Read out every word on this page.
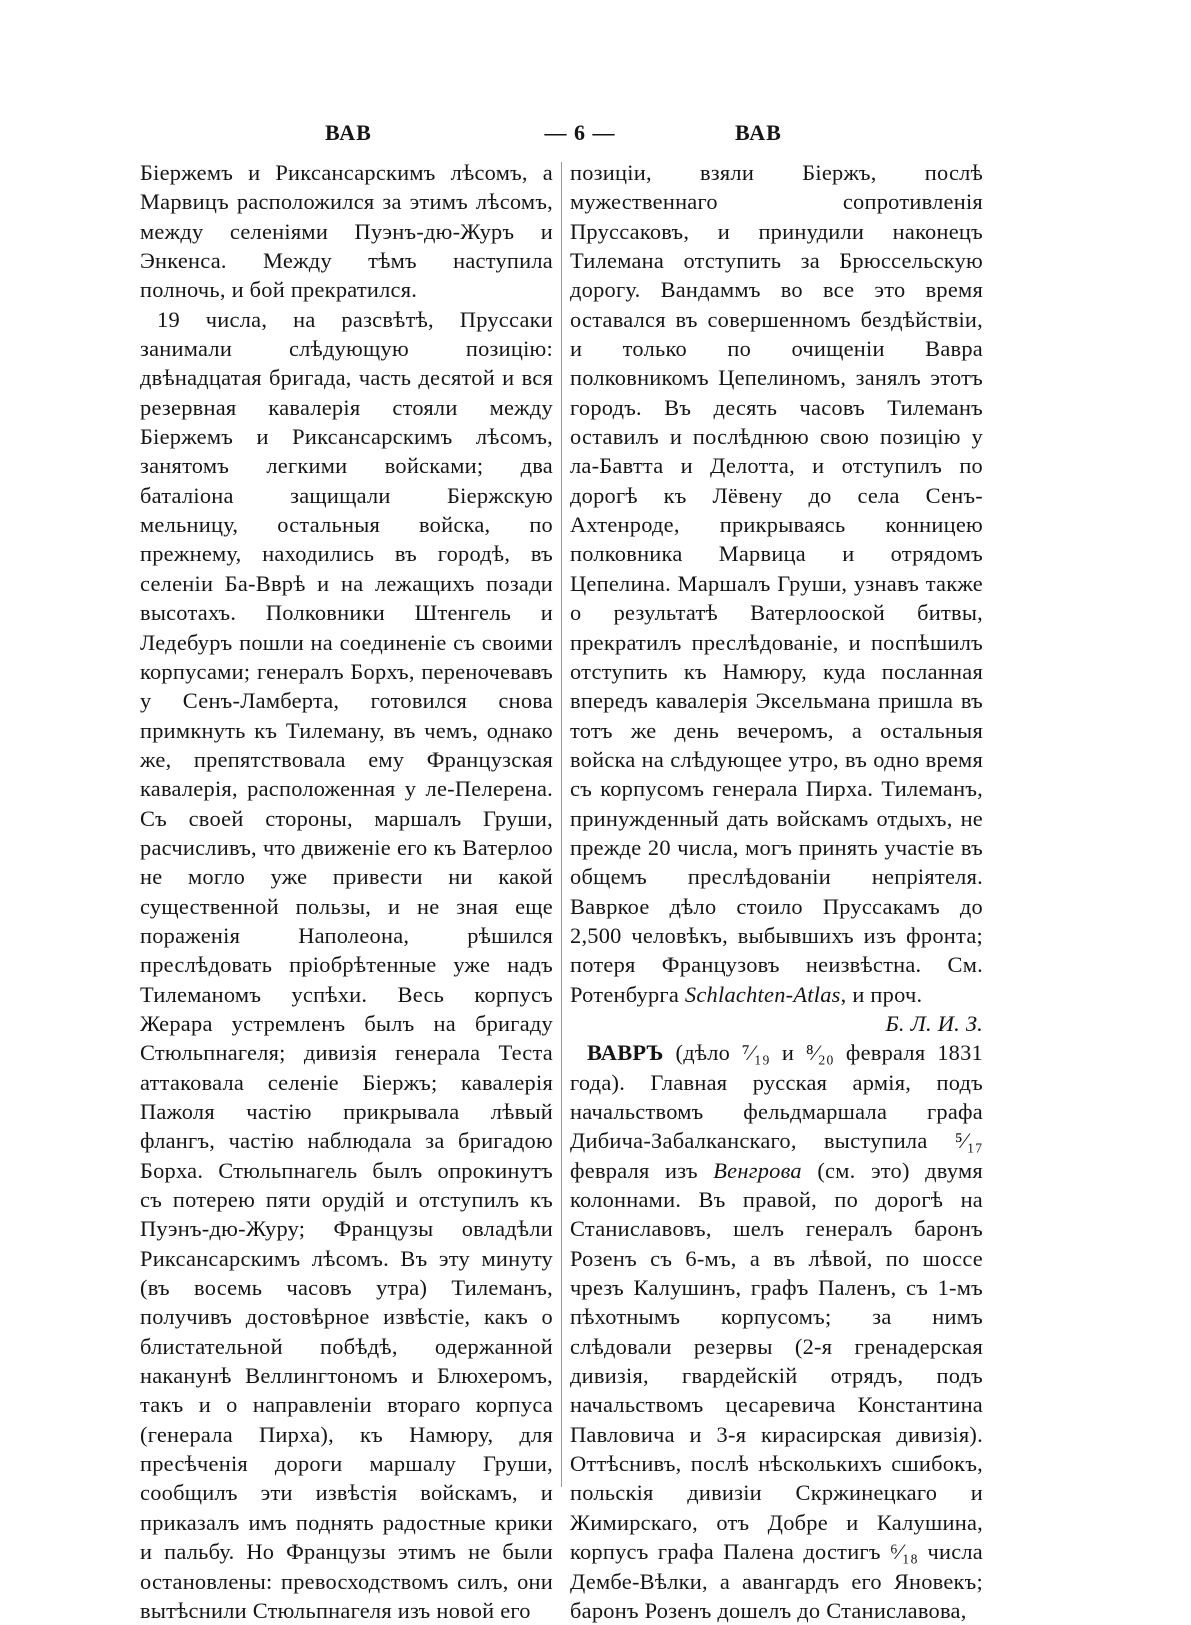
ВАВ	— 6 —	ВАВ

Біержемъ и Риксансарскимъ лѣсомъ, а Марвицъ расположился за этимъ лѣсомъ, между селеніями Пуэнъ-дю-Журъ и Энкенса. Между тѣмъ наступила полночь, и бой прекратился.

19 числа, на разсвѣтѣ, Пруссаки занимали слѣдующую позицію: двѣнадцатая бригада, часть десятой и вся резервная кавалерія стояли между Біержемъ и Риксансарскимъ лѣсомъ, занятомъ легкими войсками; два баталіона защищали Біержскую мельницу, остальныя войска, по прежнему, находились въ городѣ, въ селеніи Ба-Вврѣ и на лежащихъ позади высотахъ. Полковники Штенгель и Ледебуръ пошли на соединеніе съ своими корпусами; генералъ Борхъ, переночевавъ у Сенъ-Ламберта, готовился снова примкнуть къ Тилеману, въ чемъ, однако же, препятствовала ему Французская кавалерія, расположенная у ле-Пелерена. Съ своей стороны, маршалъ Груши, расчисливъ, что движеніе его къ Ватерлоо не могло уже привести ни какой существенной пользы, и не зная еще пораженія Наполеона, рѣшился преслѣдовать пріобрѣтенные уже надъ Тилеманомъ успѣхи. Весь корпусъ Жерара устремленъ былъ на бригаду Стюльпнагеля; дивизія генерала Теста аттаковала селеніе Біержъ; кавалерія Пажоля частію прикрывала лѣвый флангъ, частію наблюдала за бригадою Борха. Стюльпнагель былъ опрокинутъ съ потерею пяти орудій и отступилъ къ Пуэнъ-дю-Журу; Французы овладѣли Риксансарскимъ лѣсомъ. Въ эту минуту (въ восемь часовъ утра) Тилеманъ, получивъ достовѣрное извѣстіе, какъ о блистательной побѣдѣ, одержанной наканунѣ Веллингтономъ и Блюхеромъ, такъ и о направленіи втораго корпуса (генерала Пирха), къ Намюру, для пресѣченія дороги маршалу Груши, сообщилъ эти извѣстія войскамъ, и приказалъ имъ поднять радостные крики и пальбу. Но Французы этимъ не были остановлены: превосходствомъ силъ, они вытѣснили Стюльпнагеля изъ новой его

позиціи, взяли Біержъ, послѣ мужественнаго сопротивленія Пруссаковъ, и принудили наконецъ Тилемана отступить за Брюссельскую дорогу. Вандаммъ во все это время оставался въ совершенномъ бездѣйствіи, и только по очищеніи Вавра полковникомъ Цепелиномъ, занялъ этотъ городъ. Въ десять часовъ Тилеманъ оставилъ и послѣднюю свою позицію у ла-Бавтта и Делотта, и отступилъ по дорогѣ къ Лёвену до села Сенъ-Ахтенроде, прикрываясь конницею полковника Марвица и отрядомъ Цепелина. Маршалъ Груши, узнавъ также о результатѣ Ватерлооской битвы, прекратилъ преслѣдованіе, и поспѣшилъ отступить къ Намюру, куда посланная впередъ кавалерія Эксельмана пришла въ тотъ же день вечеромъ, а остальныя войска на слѣдующее утро, въ одно время съ корпусомъ генерала Пирха. Тилеманъ, принужденный дать войскамъ отдыхъ, не прежде 20 числа, могъ принять участіе въ общемъ преслѣдованіи непріятеля. Вавркое дѣло стоило Пруссакамъ до 2,500 человѣкъ, выбывшихъ изъ фронта; потеря Французовъ неизвѣстна. См. Ротенбурга Schlachten-Atlas, и проч.
Б. Л. И. З.

ВАВРЪ (дѣло ⁷⁄₁₉ и ⁸⁄₂₀ февраля 1831 года). Главная русская армія, подъ начальствомъ фельдмаршала графа Дибича-Забалканскаго, выступила ⁵⁄₁₇ февраля изъ Венгрова (см. это) двумя колоннами. Въ правой, по дорогѣ на Станиславовъ, шелъ генералъ баронъ Розенъ съ 6-мъ, а въ лѣвой, по шоссе чрезъ Калушинъ, графъ Паленъ, съ 1-мъ пѣхотнымъ корпусомъ; за нимъ слѣдовали резервы (2-я гренадерская дивизія, гвардейскій отрядъ, подъ начальствомъ цесаревича Константина Павловича и 3-я кирасирская дивизія). Оттѣснивъ, послѣ нѣсколькихъ сшибокъ, польскія дивизіи Скржинецкаго и Жимирскаго, отъ Добре и Калушина, корпусъ графа Палена достигъ ⁶⁄₁₈ числа Дембе-Вѣлки, а авангардъ его Яновекъ; баронъ Розенъ дошелъ до Станиславова,
